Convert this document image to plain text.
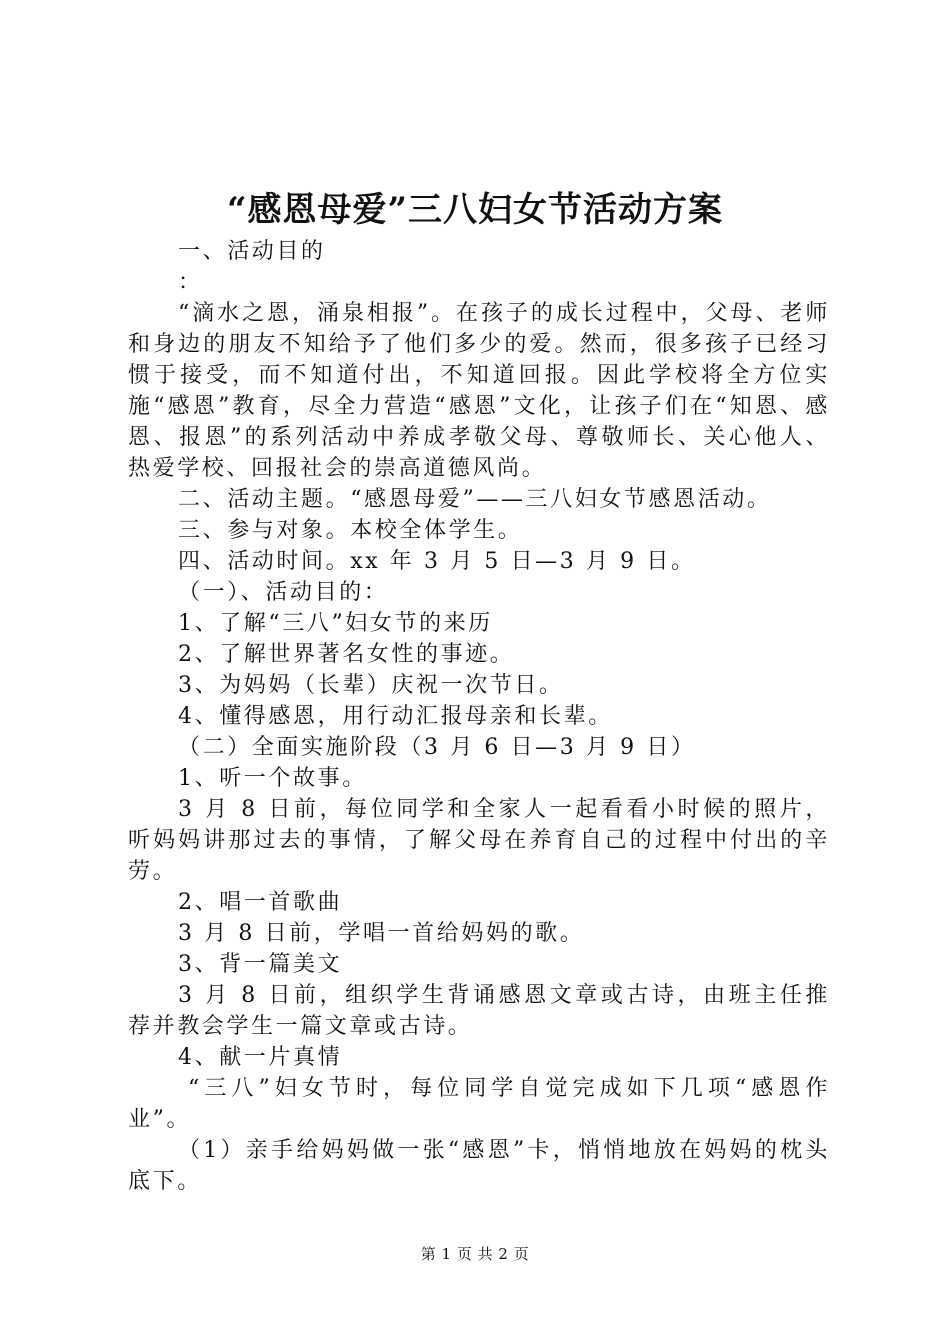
“感恩母爱”三八妇女节活动方案

一、活动目的

：

“滴水之恩，涌泉相报”。在孩子的成长过程中，父母、老师和身边的朋友不知给予了他们多少的爱。然而，很多孩子已经习惯于接受，而不知道付出，不知道回报。因此学校将全方位实施“感恩”教育，尽全力营造“感恩”文化，让孩子们在“知恩、感恩、报恩”的系列活动中养成孝敬父母、尊敬师长、关心他人、热爱学校、回报社会的崇高道德风尚。

二、活动主题。“感恩母爱”——三八妇女节感恩活动。

三、参与对象。本校全体学生。

四、活动时间。xx 年 3 月 5 日—3 月 9 日。

（一）、活动目的：

1、了解“三八”妇女节的来历

2、了解世界著名女性的事迹。

3、为妈妈（长辈）庆祝一次节日。

4、懂得感恩，用行动汇报母亲和长辈。

（二）全面实施阶段（3 月 6 日—3 月 9 日）

1、听一个故事。

3 月 8 日前，每位同学和全家人一起看看小时候的照片，听妈妈讲那过去的事情，了解父母在养育自己的过程中付出的辛劳。

2、唱一首歌曲

3 月 8 日前，学唱一首给妈妈的歌。

3、背一篇美文

3 月 8 日前，组织学生背诵感恩文章或古诗，由班主任推荐并教会学生一篇文章或古诗。

4、献一片真情

“三八”妇女节时，每位同学自觉完成如下几项“感恩作业”。

（1）亲手给妈妈做一张“感恩”卡，悄悄地放在妈妈的枕头底下。

第 1 页 共 2 页
